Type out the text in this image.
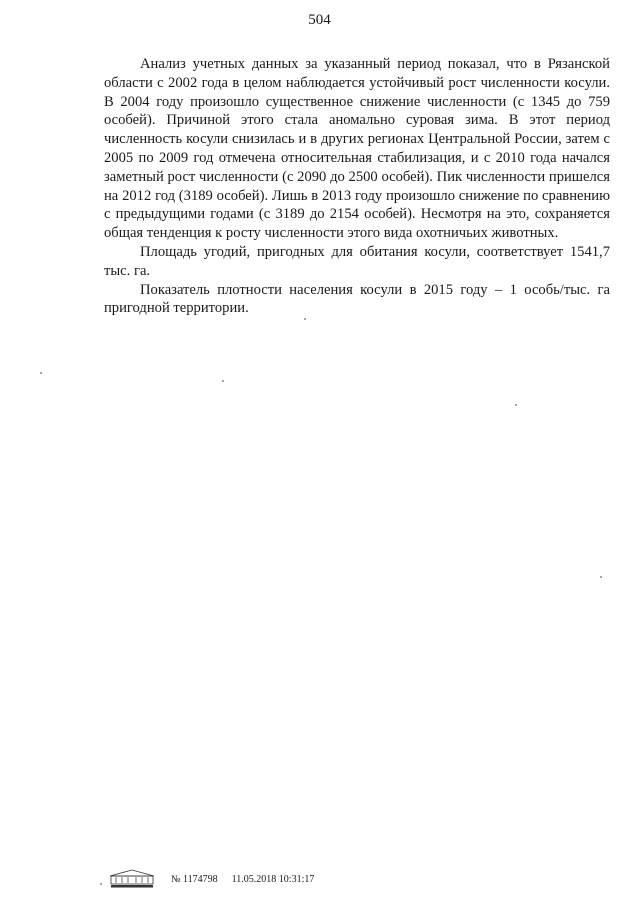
504

Анализ учетных данных за указанный период показал, что в Рязанской области с 2002 года в целом наблюдается устойчивый рост численности косули. В 2004 году произошло существенное снижение численности (с 1345 до 759 особей). Причиной этого стала аномально суровая зима. В этот период численность косули снизилась и в других регионах Центральной России, затем с 2005 по 2009 год отмечена относительная стабилизация, и с 2010 года начался заметный рост численности (с 2090 до 2500 особей). Пик численности пришелся на 2012 год (3189 особей). Лишь в 2013 году произошло снижение по сравнению с предыдущими годами (с 3189 до 2154 особей). Несмотря на это, сохраняется общая тенденция к росту численности этого вида охотничьих животных.

Площадь угодий, пригодных для обитания косули, соответствует 1541,7 тыс. га.

Показатель плотности населения косули в 2015 году – 1 особь/тыс. га пригодной территории.

№ 1174798 11.05.2018 10:31:17
